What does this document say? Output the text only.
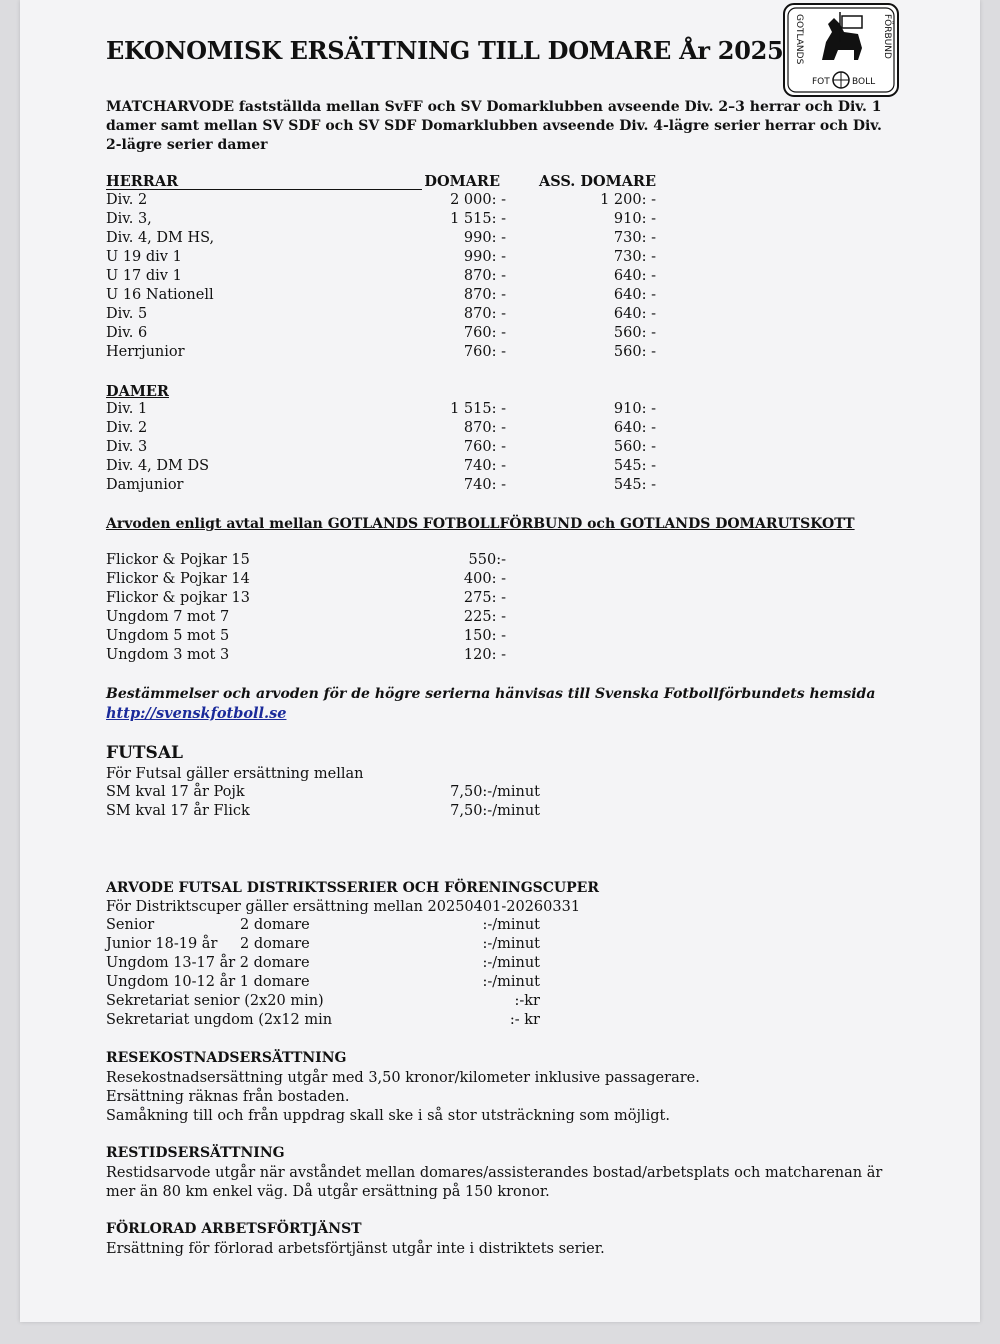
GOTLANDS	FÖRBUND
FOT BOLL
EKONOMISK ERSÄTTNING TILL DOMARE År 2025
MATCHARVODE fastställda mellan SvFF och SV Domarklubben avseende Div. 2–3 herrar och Div. 1 damer samt mellan SV SDF och SV SDF Domarklubben avseende Div. 4-lägre serier herrar och Div. 2-lägre serier damer
HERRAR	DOMARE	ASS. DOMARE
Div. 2	2 000: -	1 200: -
Div. 3,	1 515: -	910: -
Div. 4, DM HS,	990: -	730: -
U 19 div 1	990: -	730: -
U 17 div 1	870: -	640: -
U 16 Nationell	870: -	640: -
Div. 5	870: -	640: -
Div. 6	760: -	560: -
Herrjunior	760: -	560: -
DAMER
Div. 1	1 515: -	910: -
Div. 2	870: -	640: -
Div. 3	760: -	560: -
Div. 4, DM DS	740: -	545: -
Damjunior	740: -	545: -
Arvoden enligt avtal mellan GOTLANDS FOTBOLLFÖRBUND och GOTLANDS DOMARUTSKOTT
Flickor & Pojkar 15	550:-
Flickor & Pojkar 14	400: -
Flickor & pojkar 13	275: -
Ungdom 7 mot 7	225: -
Ungdom 5 mot 5	150: -
Ungdom 3 mot 3	120: -
Bestämmelser och arvoden för de högre serierna hänvisas till Svenska Fotbollförbundets hemsida
http://svenskfotboll.se
FUTSAL
För Futsal gäller ersättning mellan
SM kval 17 år Pojk	7,50:-/minut
SM kval 17 år Flick	7,50:-/minut
ARVODE FUTSAL DISTRIKTSSERIER OCH FÖRENINGSCUPER
För Distriktscuper gäller ersättning mellan 20250401-20260331
Senior	2 domare	:-/minut
Junior 18-19 år 2 domare	:-/minut
Ungdom 13-17 år 2 domare	:-/minut
Ungdom 10-12 år 1 domare	:-/minut
Sekretariat senior (2x20 min)	:-kr
Sekretariat ungdom (2x12 min	:- kr
RESEKOSTNADSERSÄTTNING
Resekostnadsersättning utgår med 3,50 kronor/kilometer inklusive passagerare.
Ersättning räknas från bostaden.
Samåkning till och från uppdrag skall ske i så stor utsträckning som möjligt.
RESTIDSERSÄTTNING
Restidsarvode utgår när avståndet mellan domares/assisterandes bostad/arbetsplats och matcharenan är mer än 80 km enkel väg. Då utgår ersättning på 150 kronor.
FÖRLORAD ARBETSFÖRTJÄNST
Ersättning för förlorad arbetsförtjänst utgår inte i distriktets serier.
